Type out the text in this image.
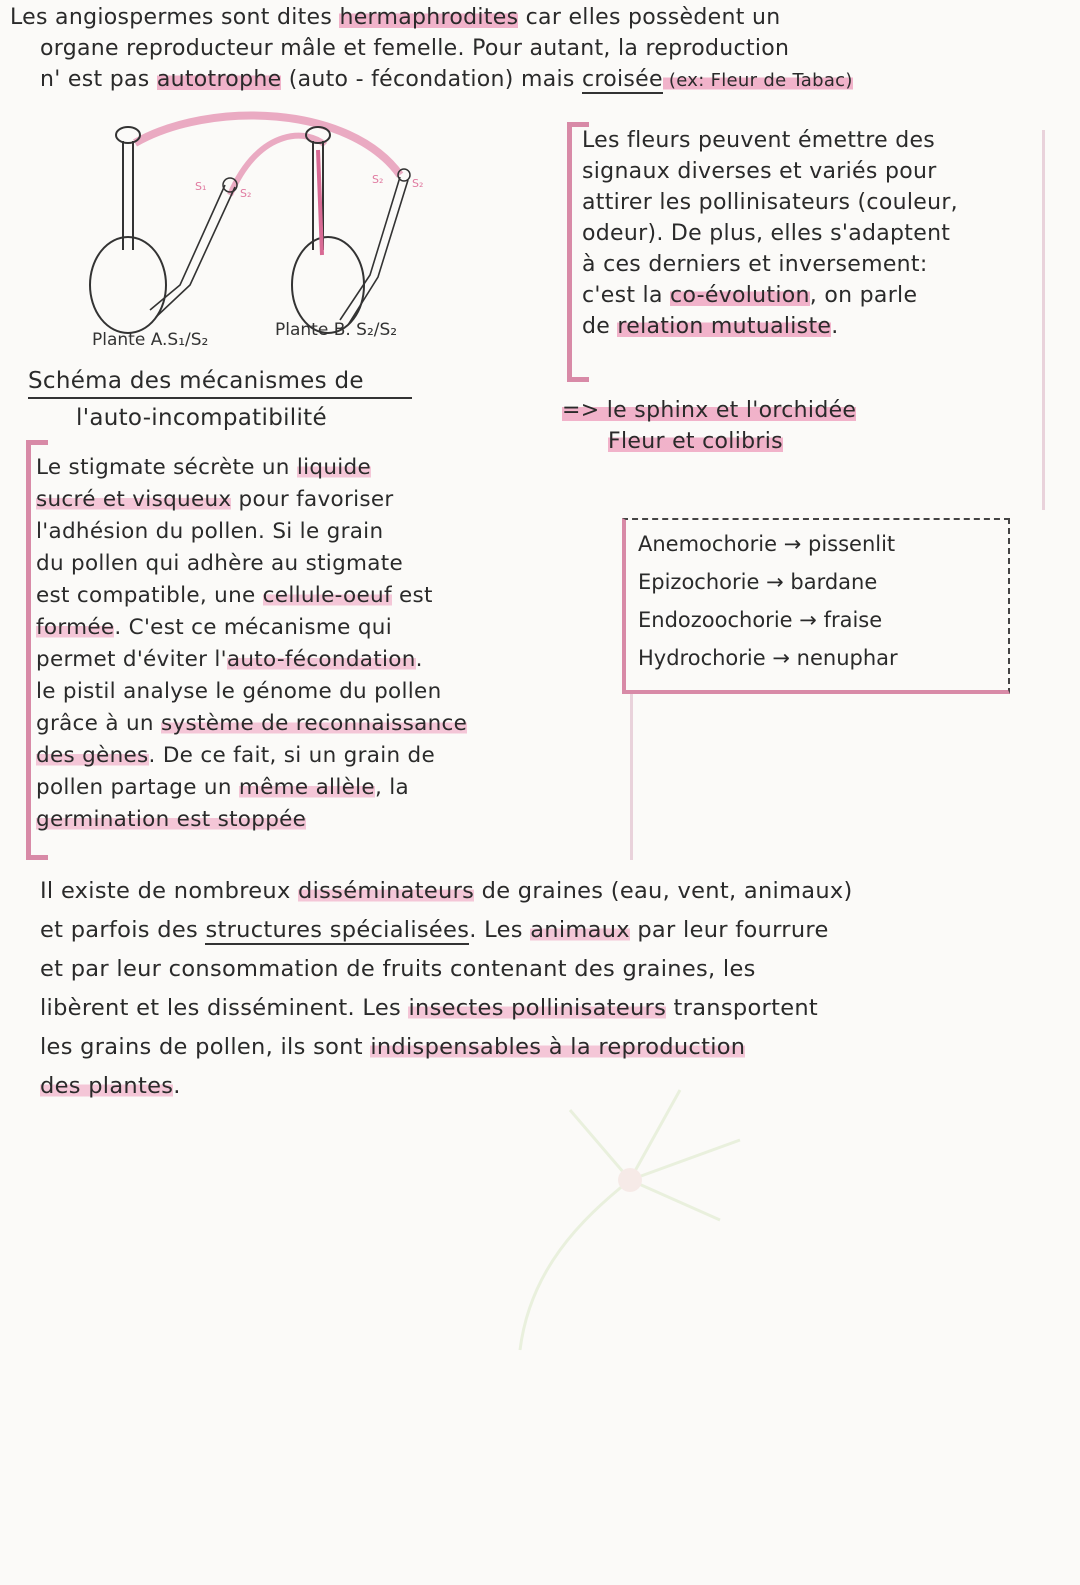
Les angiospermes sont dites hermaphrodites car elles possèdent un
organe reproducteur mâle et femelle. Pour autant, la reproduction
n' est pas autotrophe (auto - fécondation) mais croisée (ex: Fleur de Tabac)
S₁
S₂
S₂	S₂
Plante A.S₁/S₂	Plante B. S₂/S₂
Schéma des mécanismes de
l'auto-incompatibilité
Les fleurs peuvent émettre des
signaux diverses et variés pour
attirer les pollinisateurs (couleur,
odeur). De plus, elles s'adaptent
à ces derniers et inversement:
c'est la co-évolution, on parle
de relation mutualiste.
=> le sphinx et l'orchidée
Fleur et colibris
Anemochorie → pissenlit
Epizochorie → bardane
Endozoochorie → fraise
Hydrochorie → nenuphar
Le stigmate sécrète un liquide
sucré et visqueux pour favoriser
l'adhésion du pollen. Si le grain
du pollen qui adhère au stigmate
est compatible, une cellule-oeuf est
formée. C'est ce mécanisme qui
permet d'éviter l'auto-fécondation.
le pistil analyse le génome du pollen
grâce à un système de reconnaissance
des gènes. De ce fait, si un grain de
pollen partage un même allèle, la
germination est stoppée
Il existe de nombreux disséminateurs de graines (eau, vent, animaux)
et parfois des structures spécialisées. Les animaux par leur fourrure
et par leur consommation de fruits contenant des graines, les
libèrent et les disséminent. Les insectes pollinisateurs transportent
les grains de pollen, ils sont indispensables à la reproduction
des plantes.
